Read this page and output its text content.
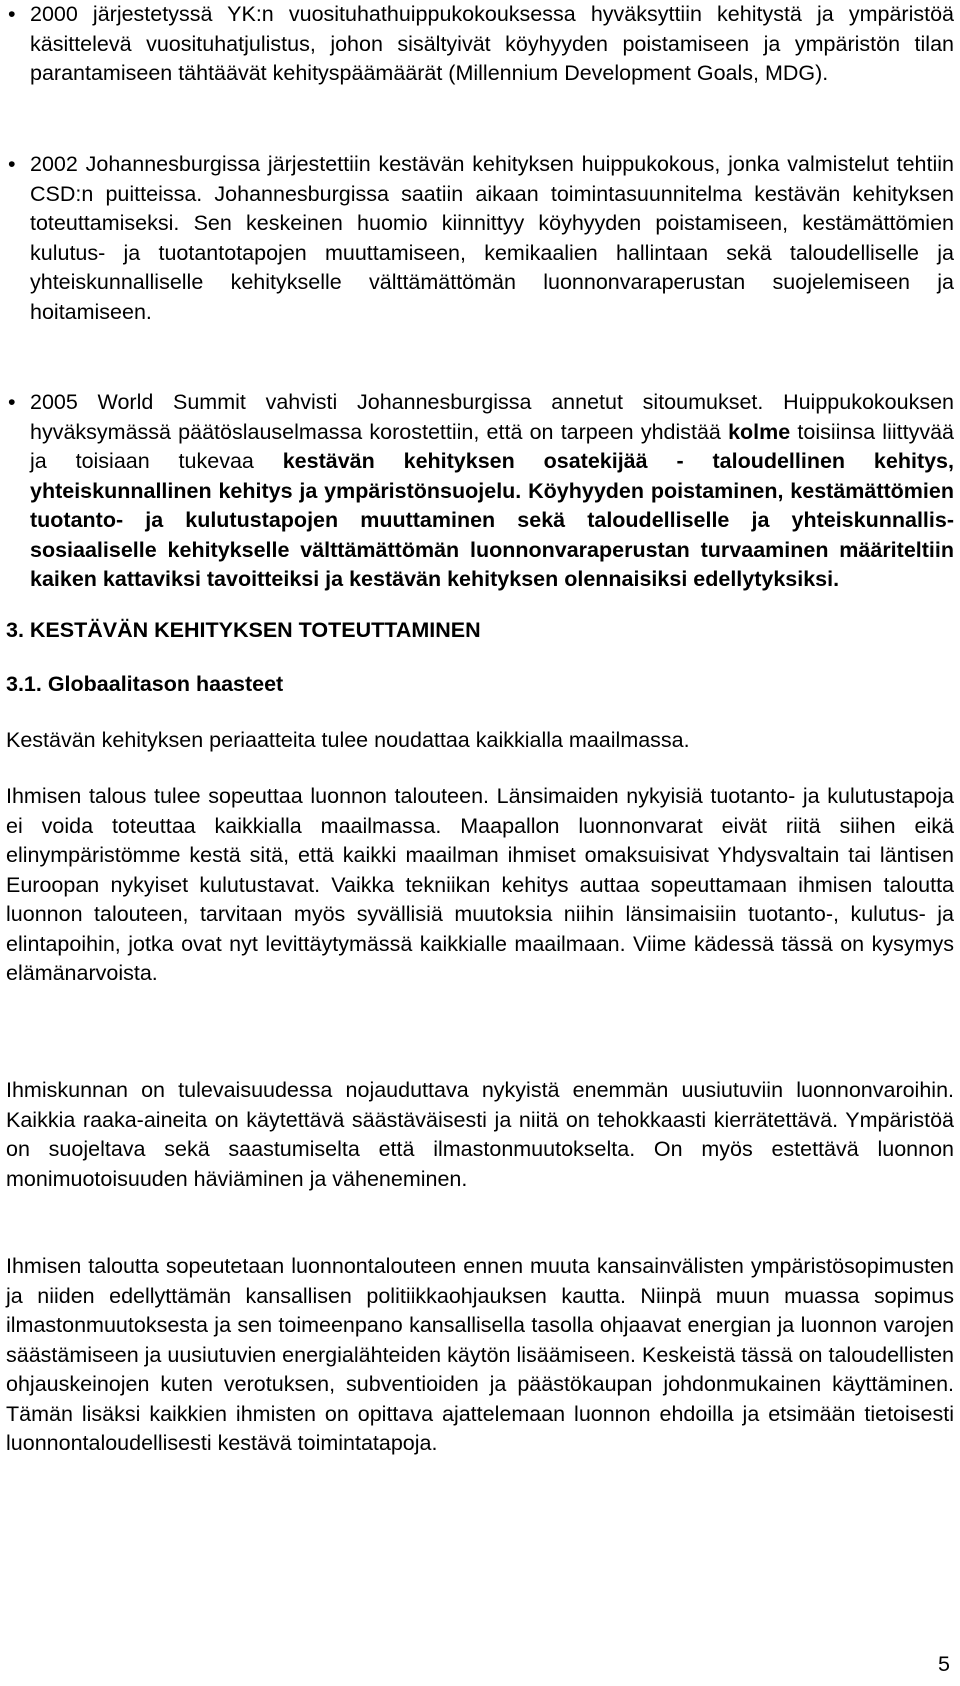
• 2000 järjestetyssä YK:n vuosituhathuippukokouksessa hyväksyttiin kehitystä ja ympäristöä käsittelevä vuosituhatjulistus, johon sisältyivät köyhyyden poistamiseen ja ympäristön tilan parantamiseen tähtäävät kehityspäämäärät (Millennium Development Goals, MDG).
• 2002 Johannesburgissa järjestettiin kestävän kehityksen huippukokous, jonka valmistelut tehtiin CSD:n puitteissa. Johannesburgissa saatiin aikaan toimintasuunnitelma kestävän kehityksen toteuttamiseksi. Sen keskeinen huomio kiinnittyy köyhyyden poistamiseen, kestämättömien kulutus- ja tuotantotapojen muuttamiseen, kemikaalien hallintaan sekä taloudelliselle ja yhteiskunnalliselle kehitykselle välttämättömän luonnonvaraperustan suojelemiseen ja hoitamiseen.
• 2005 World Summit vahvisti Johannesburgissa annetut sitoumukset. Huippukokouksen hyväksymässä päätöslauselmassa korostettiin, että on tarpeen yhdistää kolme toisiinsa liittyvää ja toisiaan tukevaa kestävän kehityksen osatekijää - taloudellinen kehitys, yhteiskunnallinen kehitys ja ympäristönsuojelu. Köyhyyden poistaminen, kestämättömien tuotanto- ja kulutustapojen muuttaminen sekä taloudelliselle ja yhteiskunnallis-sosiaaliselle kehitykselle välttämättömän luonnonvaraperustan turvaaminen määriteltiin kaiken kattaviksi tavoitteiksi ja kestävän kehityksen olennaisiksi edellytyksiksi.
3. KESTÄVÄN KEHITYKSEN TOTEUTTAMINEN
3.1. Globaalitason haasteet

Kestävän kehityksen periaatteita tulee noudattaa kaikkialla maailmassa.

Ihmisen talous tulee sopeuttaa luonnon talouteen. Länsimaiden nykyisiä tuotanto- ja kulutustapoja ei voida toteuttaa kaikkialla maailmassa. Maapallon luonnonvarat eivät riitä siihen eikä elinympäristömme kestä sitä, että kaikki maailman ihmiset omaksuisivat Yhdysvaltain tai läntisen Euroopan nykyiset kulutustavat. Vaikka tekniikan kehitys auttaa sopeuttamaan ihmisen taloutta luonnon talouteen, tarvitaan myös syvällisiä muutoksia niihin länsimaisiin tuotanto-, kulutus- ja elintapoihin, jotka ovat nyt levittäytymässä kaikkialle maailmaan. Viime kädessä tässä on kysymys elämänarvoista.

Ihmiskunnan on tulevaisuudessa nojauduttava nykyistä enemmän uusiutuviin luonnonvaroihin. Kaikkia raaka-aineita on käytettävä säästäväisesti ja niitä on tehokkaasti kierrätettävä. Ympäristöä on suojeltava sekä saastumiselta että ilmastonmuutokselta. On myös estettävä luonnon monimuotoisuuden häviäminen ja väheneminen.

Ihmisen taloutta sopeutetaan luonnontalouteen ennen muuta kansainvälisten ympäristösopimusten ja niiden edellyttämän kansallisen politiikkaohjauksen kautta. Niinpä muun muassa sopimus ilmastonmuutoksesta ja sen toimeenpano kansallisella tasolla ohjaavat energian ja luonnon varojen säästämiseen ja uusiutuvien energialähteiden käytön lisäämiseen. Keskeistä tässä on taloudellisten ohjauskeinojen kuten verotuksen, subventioiden ja päästökaupan johdonmukainen käyttäminen. Tämän lisäksi kaikkien ihmisten on opittava ajattelemaan luonnon ehdoilla ja etsimään tietoisesti luonnontaloudellisesti kestävä toimintatapoja.

5
